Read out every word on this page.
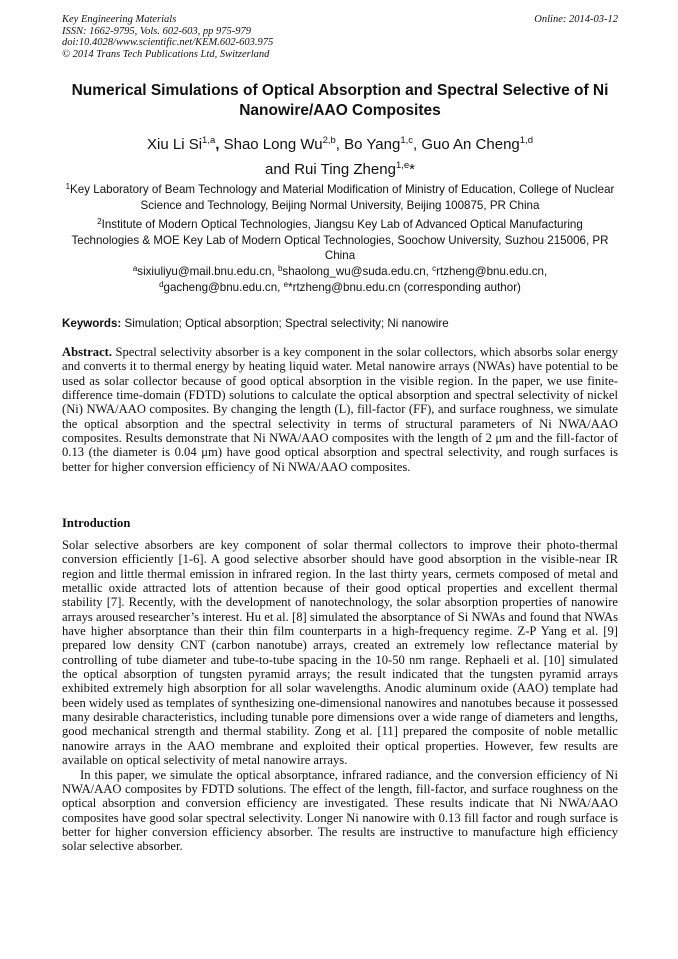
Key Engineering Materials
ISSN: 1662-9795, Vols. 602-603, pp 975-979
doi:10.4028/www.scientific.net/KEM.602-603.975
© 2014 Trans Tech Publications Ltd, Switzerland
Online: 2014-03-12
Numerical Simulations of Optical Absorption and Spectral Selective of Ni Nanowire/AAO Composites
Xiu Li Si$^{1,a}$, Shao Long Wu$^{2,b}$, Bo Yang$^{1,c}$, Guo An Cheng$^{1,d}$
and Rui Ting Zheng$^{1,e}$*
$^1$Key Laboratory of Beam Technology and Material Modification of Ministry of Education, College of Nuclear Science and Technology, Beijing Normal University, Beijing 100875, PR China
$^2$Institute of Modern Optical Technologies, Jiangsu Key Lab of Advanced Optical Manufacturing Technologies & MOE Key Lab of Modern Optical Technologies, Soochow University, Suzhou 215006, PR China
$^a$sixiuliyu@mail.bnu.edu.cn, $^b$shaolong_wu@suda.edu.cn, $^c$rtzheng@bnu.edu.cn,
$^d$gacheng@bnu.edu.cn, $^e$*rtzheng@bnu.edu.cn (corresponding author)
Keywords: Simulation; Optical absorption; Spectral selectivity; Ni nanowire
Abstract. Spectral selectivity absorber is a key component in the solar collectors, which absorbs solar energy and converts it to thermal energy by heating liquid water. Metal nanowire arrays (NWAs) have potential to be used as solar collector because of good optical absorption in the visible region. In the paper, we use finite-difference time-domain (FDTD) solutions to calculate the optical absorption and spectral selectivity of nickel (Ni) NWA/AAO composites. By changing the length (L), fill-factor (FF), and surface roughness, we simulate the optical absorption and the spectral selectivity in terms of structural parameters of Ni NWA/AAO composites. Results demonstrate that Ni NWA/AAO composites with the length of 2 μm and the fill-factor of 0.13 (the diameter is 0.04 μm) have good optical absorption and spectral selectivity, and rough surfaces is better for higher conversion efficiency of Ni NWA/AAO composites.
Introduction

Solar selective absorbers are key component of solar thermal collectors to improve their photo-thermal conversion efficiently [1-6]. A good selective absorber should have good absorption in the visible-near IR region and little thermal emission in infrared region. In the last thirty years, cermets composed of metal and metallic oxide attracted lots of attention because of their good optical properties and excellent thermal stability [7]. Recently, with the development of nanotechnology, the solar absorption properties of nanowire arrays aroused researcher’s interest. Hu et al. [8] simulated the absorptance of Si NWAs and found that NWAs have higher absorptance than their thin film counterparts in a high-frequency regime. Z-P Yang et al. [9] prepared low density CNT (carbon nanotube) arrays, created an extremely low reflectance material by controlling of tube diameter and tube-to-tube spacing in the 10-50 nm range. Rephaeli et al. [10] simulated the optical absorption of tungsten pyramid arrays; the result indicated that the tungsten pyramid arrays exhibited extremely high absorption for all solar wavelengths. Anodic aluminum oxide (AAO) template had been widely used as templates of synthesizing one-dimensional nanowires and nanotubes because it possessed many desirable characteristics, including tunable pore dimensions over a wide range of diameters and lengths, good mechanical strength and thermal stability. Zong et al. [11] prepared the composite of noble metallic nanowire arrays in the AAO membrane and exploited their optical properties. However, few results are available on optical selectivity of metal nanowire arrays.

In this paper, we simulate the optical absorptance, infrared radiance, and the conversion efficiency of Ni NWA/AAO composites by FDTD solutions. The effect of the length, fill-factor, and surface roughness on the optical absorption and conversion efficiency are investigated. These results indicate that Ni NWA/AAO composites have good solar spectral selectivity. Longer Ni nanowire with 0.13 fill factor and rough surface is better for higher conversion efficiency absorber. The results are instructive to manufacture high efficiency solar selective absorber.
